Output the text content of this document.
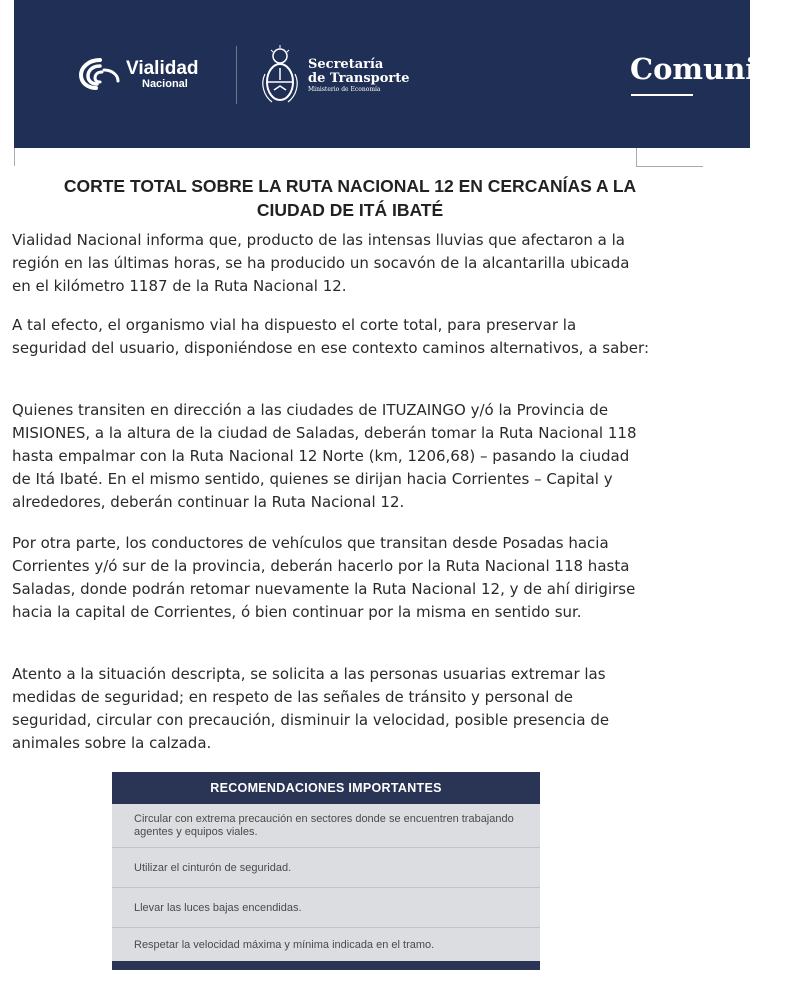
Vialidad
Nacional
Secretaría
de Transporte
Ministerio de Economía
Comunica
CORTE TOTAL SOBRE LA RUTA NACIONAL 12 EN CERCANÍAS A LA CIUDAD DE ITÁ IBATÉ

Vialidad Nacional informa que, producto de las intensas lluvias que afectaron a la región en las últimas horas, se ha producido un socavón de la alcantarilla ubicada en el kilómetro 1187 de la Ruta Nacional 12.

A tal efecto, el organismo vial ha dispuesto el corte total, para preservar la seguridad del usuario, disponiéndose en ese contexto caminos alternativos, a saber:

Quienes transiten en dirección a las ciudades de ITUZAINGO y/ó la Provincia de MISIONES, a la altura de la ciudad de Saladas, deberán tomar la Ruta Nacional 118 hasta empalmar con la Ruta Nacional 12 Norte (km, 1206,68) – pasando la ciudad de Itá Ibaté. En el mismo sentido, quienes se dirijan hacia Corrientes – Capital y alrededores, deberán continuar la Ruta Nacional 12.

Por otra parte, los conductores de vehículos que transitan desde Posadas hacia Corrientes y/ó sur de la provincia, deberán hacerlo por la Ruta Nacional 118 hasta Saladas, donde podrán retomar nuevamente la Ruta Nacional 12, y de ahí dirigirse hacia la capital de Corrientes, ó bien continuar por la misma en sentido sur.

Atento a la situación descripta, se solicita a las personas usuarias extremar las medidas de seguridad; en respeto de las señales de tránsito y personal de seguridad, circular con precaución, disminuir la velocidad, posible presencia de animales sobre la calzada.

RECOMENDACIONES IMPORTANTES
Circular con extrema precaución en sectores donde se encuentren trabajando agentes y equipos viales.
Utilizar el cinturón de seguridad.
Llevar las luces bajas encendidas.
Respetar la velocidad máxima y mínima indicada en el tramo.
